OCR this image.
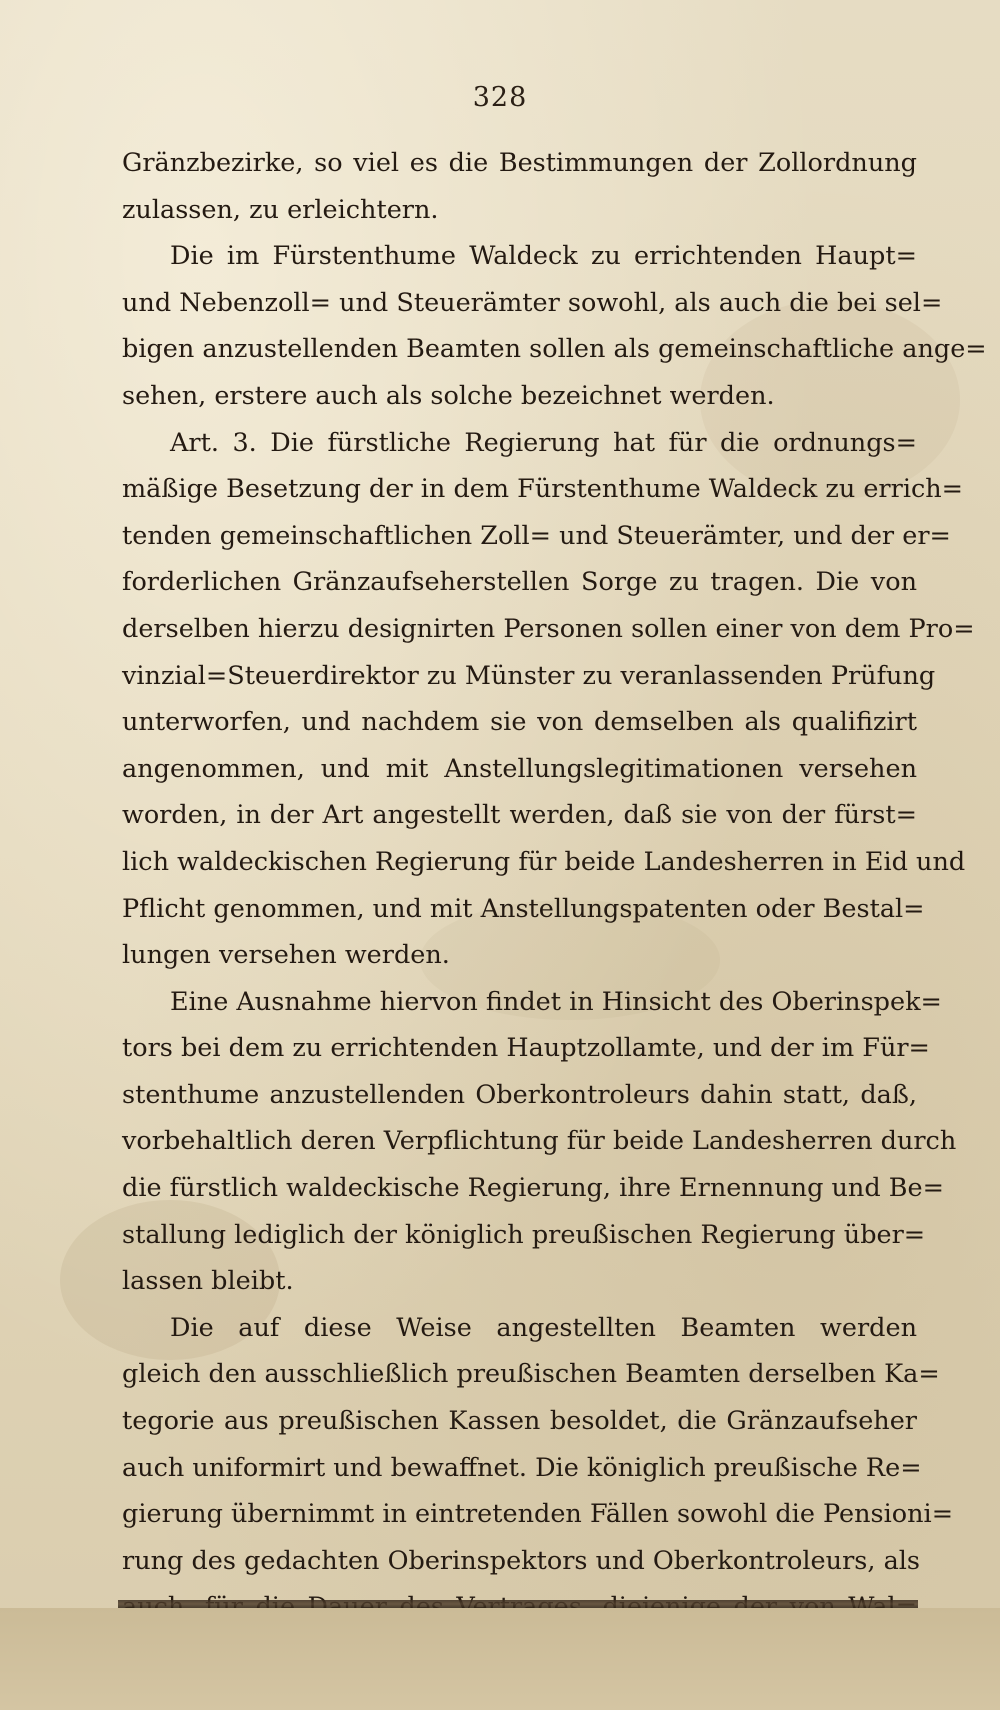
328
Gränzbezirke, so viel es die Bestimmungen der Zollordnung
zulassen, zu erleichtern.
Die im Fürstenthume Waldeck zu errichtenden Haupt=
und Nebenzoll= und Steuerämter sowohl, als auch die bei sel=
bigen anzustellenden Beamten sollen als gemeinschaftliche ange=
sehen, erstere auch als solche bezeichnet werden.
Art. 3. Die fürstliche Regierung hat für die ordnungs=
mäßige Besetzung der in dem Fürstenthume Waldeck zu errich=
tenden gemeinschaftlichen Zoll= und Steuerämter, und der er=
forderlichen Gränzaufseherstellen Sorge zu tragen. Die von
derselben hierzu designirten Personen sollen einer von dem Pro=
vinzial=Steuerdirektor zu Münster zu veranlassenden Prüfung
unterworfen, und nachdem sie von demselben als qualifizirt
angenommen, und mit Anstellungslegitimationen versehen
worden, in der Art angestellt werden, daß sie von der fürst=
lich waldeckischen Regierung für beide Landesherren in Eid und
Pflicht genommen, und mit Anstellungspatenten oder Bestal=
lungen versehen werden.
Eine Ausnahme hiervon findet in Hinsicht des Oberinspek=
tors bei dem zu errichtenden Hauptzollamte, und der im Für=
stenthume anzustellenden Oberkontroleurs dahin statt, daß,
vorbehaltlich deren Verpflichtung für beide Landesherren durch
die fürstlich waldeckische Regierung, ihre Ernennung und Be=
stallung lediglich der königlich preußischen Regierung über=
lassen bleibt.
Die auf diese Weise angestellten Beamten werden
gleich den ausschließlich preußischen Beamten derselben Ka=
tegorie aus preußischen Kassen besoldet, die Gränzaufseher
auch uniformirt und bewaffnet. Die königlich preußische Re=
gierung übernimmt in eintretenden Fällen sowohl die Pensioni=
rung des gedachten Oberinspektors und Oberkontroleurs, als
